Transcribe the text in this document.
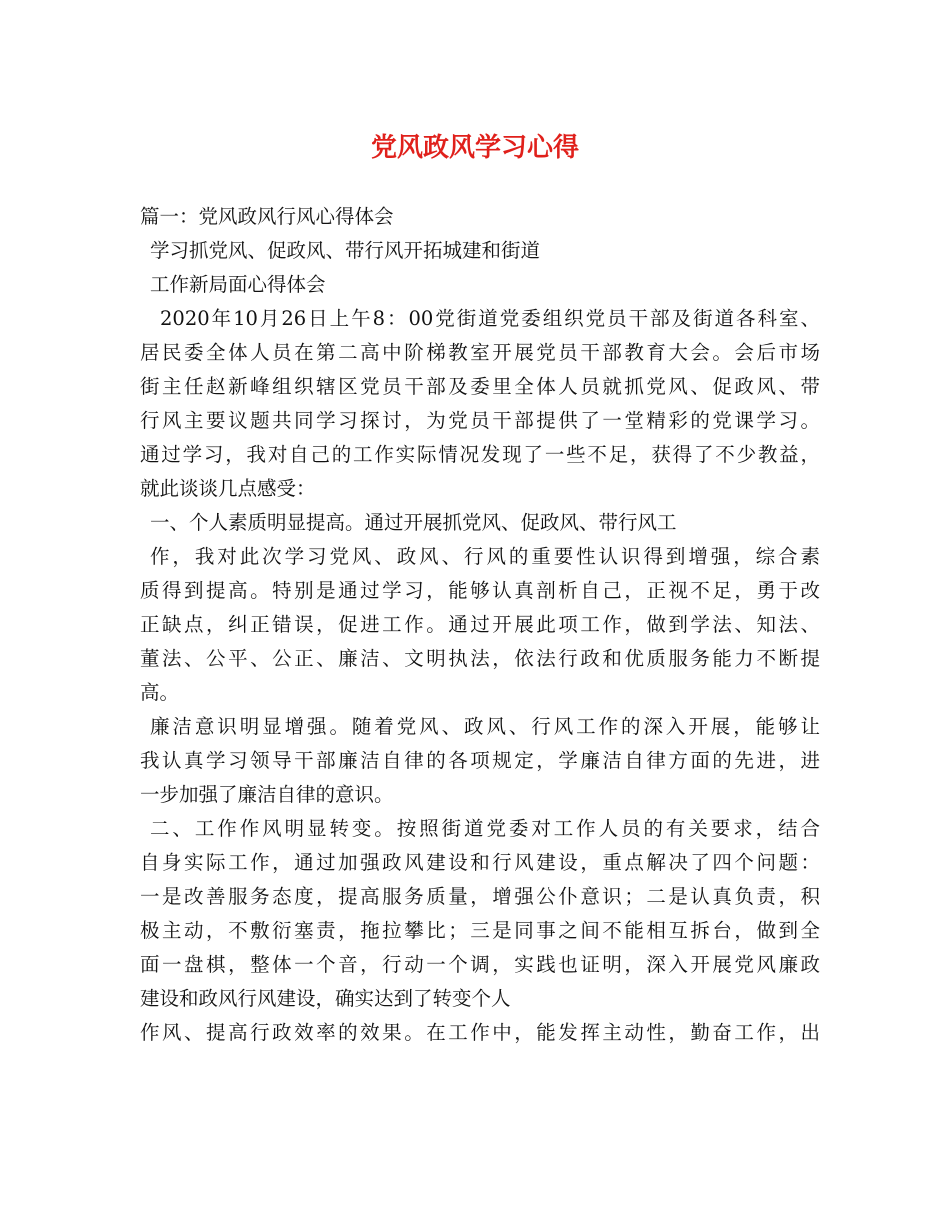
党风政风学习心得
篇一：党风政风行风心得体会
学习抓党风、促政风、带行风开拓城建和街道
工作新局面心得体会
2020年10月26日上午8：00党街道党委组织党员干部及街道各科室、
居民委全体人员在第二高中阶梯教室开展党员干部教育大会。会后市场
街主任赵新峰组织辖区党员干部及委里全体人员就抓党风、促政风、带
行风主要议题共同学习探讨，为党员干部提供了一堂精彩的党课学习。
通过学习，我对自己的工作实际情况发现了一些不足，获得了不少教益，
就此谈谈几点感受：
一、个人素质明显提高。通过开展抓党风、促政风、带行风工
作，我对此次学习党风、政风、行风的重要性认识得到增强，综合素
质得到提高。特别是通过学习，能够认真剖析自己，正视不足，勇于改
正缺点，纠正错误，促进工作。通过开展此项工作，做到学法、知法、
董法、公平、公正、廉洁、文明执法，依法行政和优质服务能力不断提
高。
廉洁意识明显增强。随着党风、政风、行风工作的深入开展，能够让
我认真学习领导干部廉洁自律的各项规定，学廉洁自律方面的先进，进
一步加强了廉洁自律的意识。
二、工作作风明显转变。按照街道党委对工作人员的有关要求，结合
自身实际工作，通过加强政风建设和行风建设，重点解决了四个问题：
一是改善服务态度，提高服务质量，增强公仆意识；二是认真负责，积
极主动，不敷衍塞责，拖拉攀比；三是同事之间不能相互拆台，做到全
面一盘棋，整体一个音，行动一个调，实践也证明，深入开展党风廉政
建设和政风行风建设，确实达到了转变个人
作风、提高行政效率的效果。在工作中，能发挥主动性，勤奋工作，出
